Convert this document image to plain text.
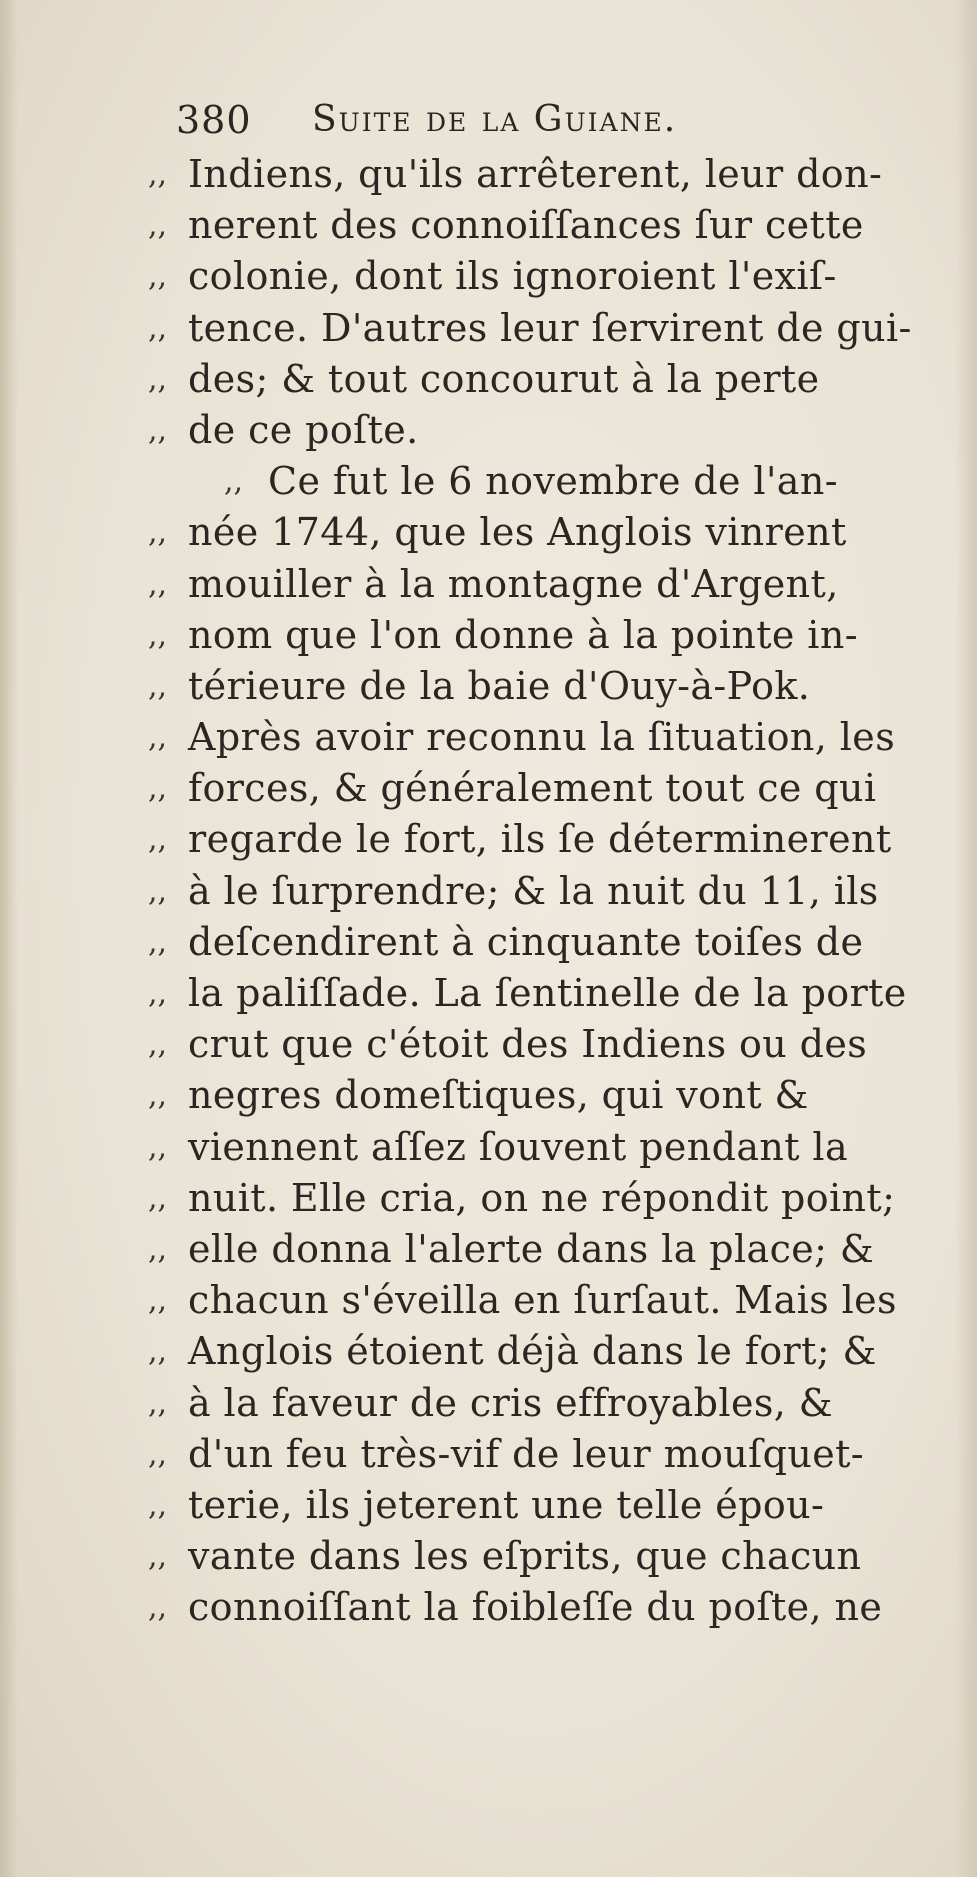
380 Suite de la Guiane.
,, Indiens, qu'ils arrêterent, leur don-
,, nerent des connoiſſances ſur cette
,, colonie, dont ils ignoroient l'exiſ-
,, tence. D'autres leur ſervirent de gui-
,, des; & tout concourut à la perte
,, de ce poſte.
,, Ce fut le 6 novembre de l'an-
,, née 1744, que les Anglois vinrent
,, mouiller à la montagne d'Argent,
,, nom que l'on donne à la pointe in-
,, térieure de la baie d'Ouy-à-Pok.
,, Après avoir reconnu la ſituation, les
,, forces, & généralement tout ce qui
,, regarde le fort, ils ſe déterminerent
,, à le ſurprendre; & la nuit du 11, ils
,, deſcendirent à cinquante toiſes de
,, la paliſſade. La ſentinelle de la porte
,, crut que c'étoit des Indiens ou des
,, negres domeſtiques, qui vont &
,, viennent aſſez ſouvent pendant la
,, nuit. Elle cria, on ne répondit point;
,, elle donna l'alerte dans la place; &
,, chacun s'éveilla en ſurſaut. Mais les
,, Anglois étoient déjà dans le fort; &
,, à la faveur de cris effroyables, &
,, d'un feu très-vif de leur mouſquet-
,, terie, ils jeterent une telle épou-
,, vante dans les eſprits, que chacun
,, connoiſſant la foibleſſe du poſte, ne
